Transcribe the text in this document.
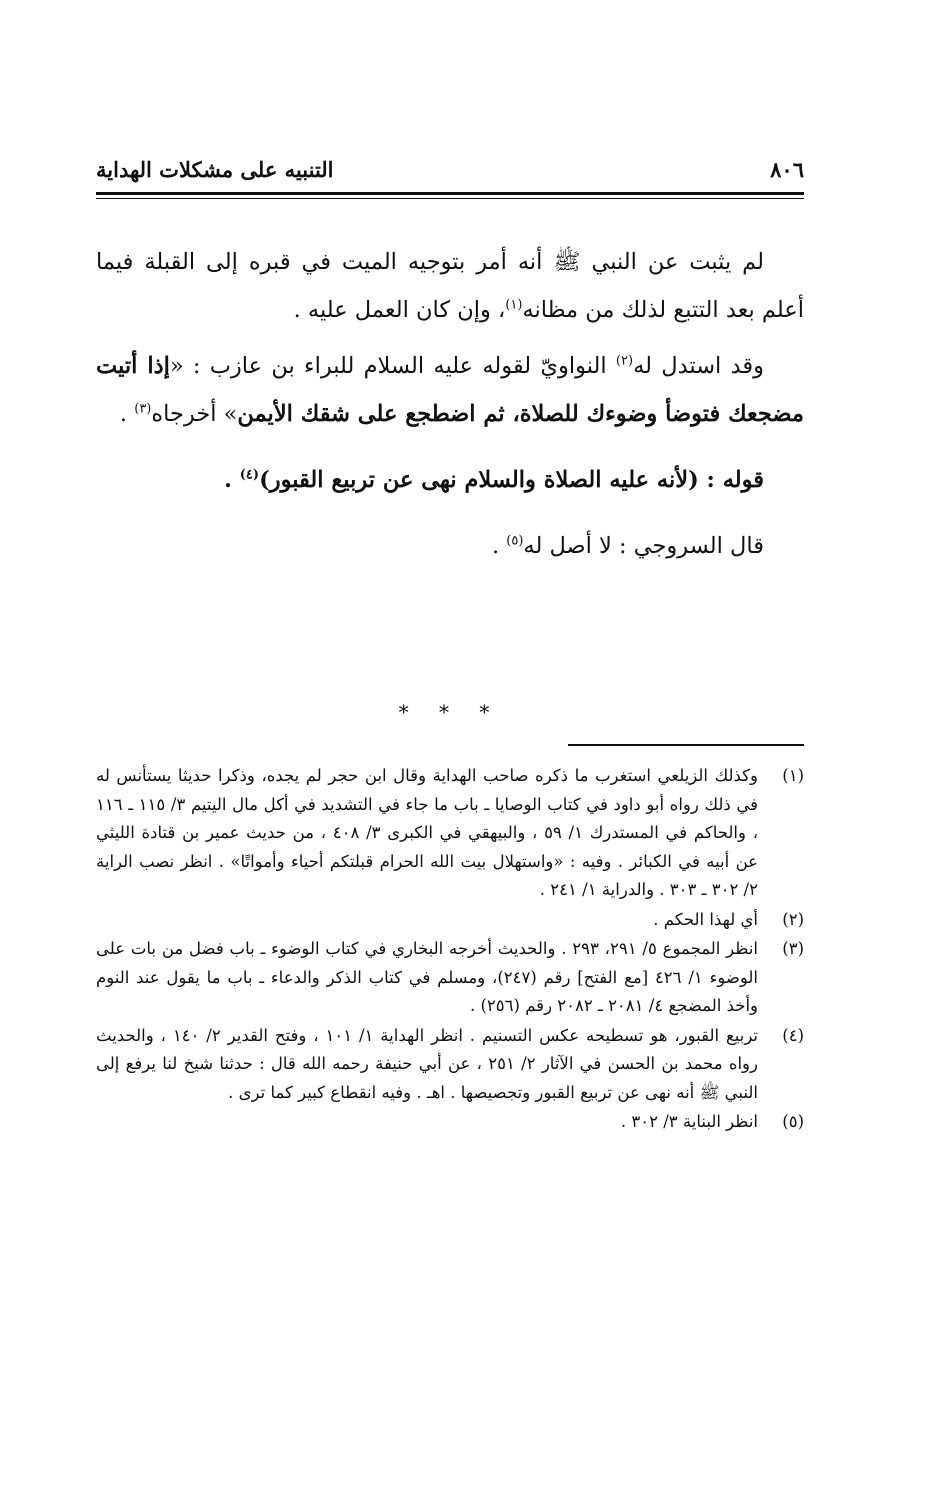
٨٠٦
التنبيه على مشكلات الهداية

لم يثبت عن النبي ﷺ أنه أمر بتوجيه الميت في قبره إلى القبلة فيما أعلم بعد التتبع لذلك من مظانه$^{(١)}$، وإن كان العمل عليه .

وقد استدل له$^{(٢)}$ النواويّ لقوله عليه السلام للبراء بن عازب : «إذا أتيت مضجعك فتوضأ وضوءك للصلاة، ثم اضطجع على شقك الأيمن» أخرجاه$^{(٣)}$ .

قوله : (لأنه عليه الصلاة والسلام نهى عن تربيع القبور)$^{(٤)}$ .

قال السروجي : لا أصل له$^{(٥)}$ .

* * *
(١)
وكذلك الزيلعي استغرب ما ذكره صاحب الهداية وقال ابن حجر لم يجده، وذكرا حديثا يستأنس له في ذلك رواه أبو داود في كتاب الوصايا ـ باب ما جاء في التشديد في أكل مال اليتيم ٣/ ١١٥ ـ ١١٦ ، والحاكم في المستدرك ١/ ٥٩ ، والبيهقي في الكبرى ٣/ ٤٠٨ ، من حديث عمير بن قتادة الليثي عن أبيه في الكبائر . وفيه : «واستهلال بيت الله الحرام قبلتكم أحياء وأمواتًا» . انظر نصب الراية ٢/ ٣٠٢ ـ ٣٠٣ . والدراية ١/ ٢٤١ .
(٢)
أي لهذا الحكم .
(٣)
انظر المجموع ٥/ ٢٩١، ٢٩٣ . والحديث أخرجه البخاري في كتاب الوضوء ـ باب فضل من بات على الوضوء ١/ ٤٢٦ [مع الفتح] رقم (٢٤٧)، ومسلم في كتاب الذكر والدعاء ـ باب ما يقول عند النوم وأخذ المضجع ٤/ ٢٠٨١ ـ ٢٠٨٢ رقم (٢٥٦) .
(٤)
تربيع القبور، هو تسطيحه عكس التسنيم . انظر الهداية ١/ ١٠١ ، وفتح القدير ٢/ ١٤٠ ، والحديث رواه محمد بن الحسن في الآثار ٢/ ٢٥١ ، عن أبي حنيفة رحمه الله قال : حدثنا شيخ لنا يرفع إلى النبي ﷺ أنه نهى عن تربيع القبور وتجصيصها . اهـ . وفيه انقطاع كبير كما ترى .
(٥)
انظر البناية ٣/ ٣٠٢ .
